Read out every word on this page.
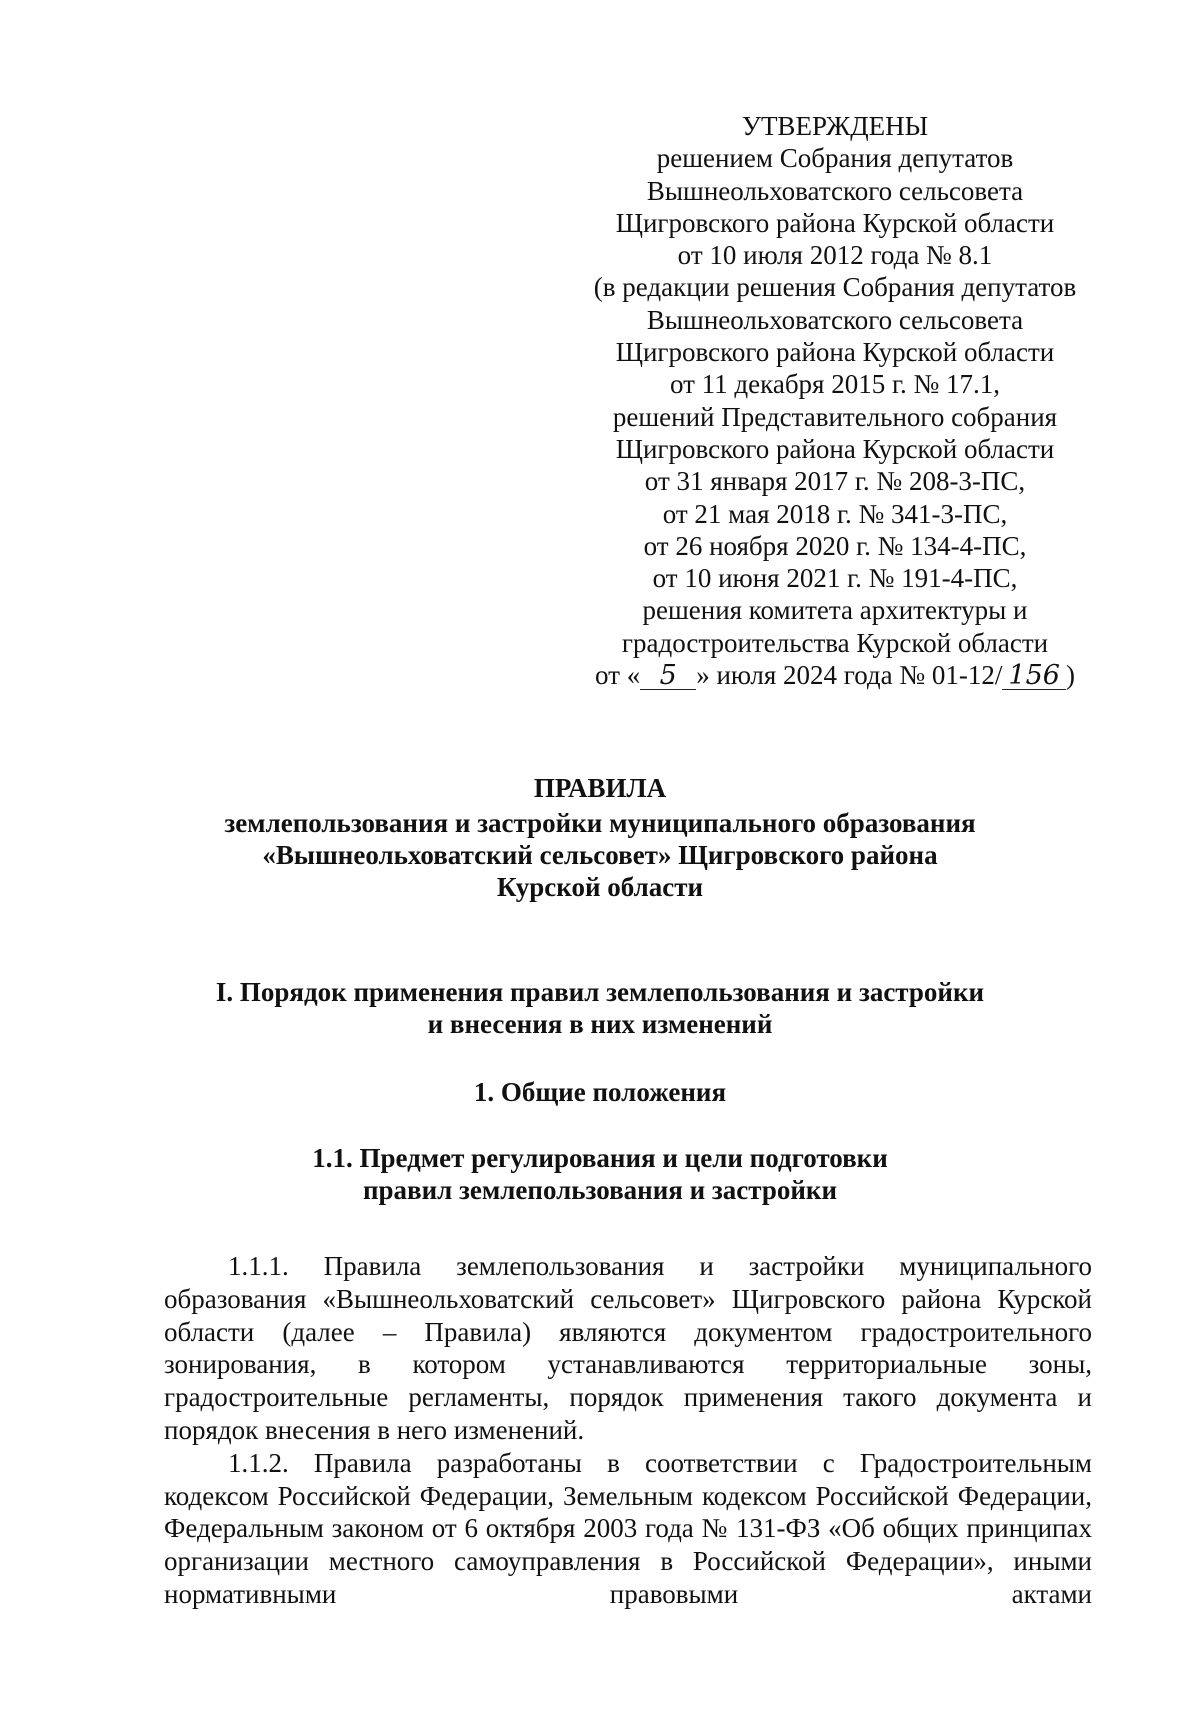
УТВЕРЖДЕНЫ
решением Собрания депутатов
Вышнеольховатского сельсовета
Щигровского района Курской области
от 10 июля 2012 года № 8.1
(в редакции решения Собрания депутатов
Вышнеольховатского сельсовета
Щигровского района Курской области
от 11 декабря 2015 г. № 17.1,
решений Представительного собрания
Щигровского района Курской области
от 31 января 2017 г. № 208-3-ПС,
от 21 мая 2018 г. № 341-3-ПС,
от 26 ноября 2020 г. № 134-4-ПС,
от 10 июня 2021 г. № 191-4-ПС,
решения комитета архитектуры и
градостроительства Курской области
от « 5 » июля 2024 года № 01-12/ 156 )
ПРАВИЛА
землепользования и застройки муниципального образования
«Вышнеольховатский сельсовет» Щигровского района
Курской области
I. Порядок применения правил землепользования и застройки
и внесения в них изменений
1. Общие положения
1.1. Предмет регулирования и цели подготовки
правил землепользования и застройки

1.1.1. Правила землепользования и застройки муниципального образования «Вышнеольховатский сельсовет» Щигровского района Курской области (далее – Правила) являются документом градостроительного зонирования, в котором устанавливаются территориальные зоны, градостроительные регламенты, порядок применения такого документа и порядок внесения в него изменений.

1.1.2. Правила разработаны в соответствии с Градостроительным кодексом Российской Федерации, Земельным кодексом Российской Федерации, Федеральным законом от 6 октября 2003 года № 131-ФЗ «Об общих принципах организации местного самоуправления в Российской Федерации», иными нормативными правовыми актами
